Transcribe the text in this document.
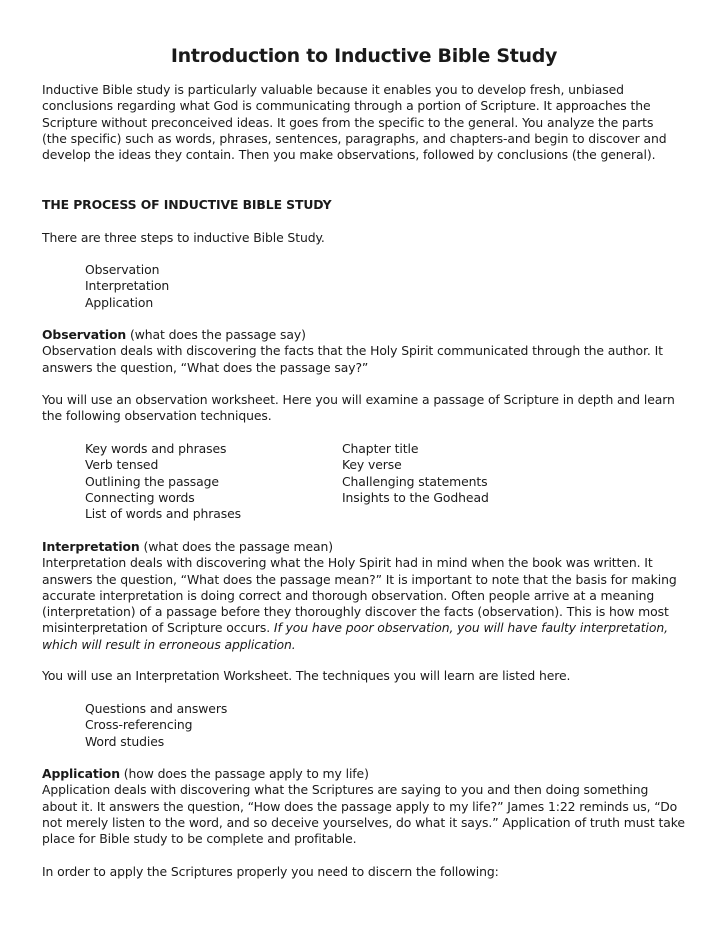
Introduction to Inductive Bible Study
Inductive Bible study is particularly valuable because it enables you to develop fresh, unbiased
conclusions regarding what God is communicating through a portion of Scripture. It approaches the
Scripture without preconceived ideas. It goes from the specific to the general. You analyze the parts
(the specific) such as words, phrases, sentences, paragraphs, and chapters-and begin to discover and
develop the ideas they contain. Then you make observations, followed by conclusions (the general).
THE PROCESS OF INDUCTIVE BIBLE STUDY
There are three steps to inductive Bible Study.
Observation
Interpretation
Application
Observation (what does the passage say)
Observation deals with discovering the facts that the Holy Spirit communicated through the author. It
answers the question, “What does the passage say?”
You will use an observation worksheet. Here you will examine a passage of Scripture in depth and learn
the following observation techniques.
Key words and phrases
Verb tensed
Outlining the passage
Connecting words
List of words and phrases
Chapter title
Key verse
Challenging statements
Insights to the Godhead
Interpretation (what does the passage mean)
Interpretation deals with discovering what the Holy Spirit had in mind when the book was written. It
answers the question, “What does the passage mean?” It is important to note that the basis for making
accurate interpretation is doing correct and thorough observation. Often people arrive at a meaning
(interpretation) of a passage before they thoroughly discover the facts (observation). This is how most
misinterpretation of Scripture occurs. If you have poor observation, you will have faulty interpretation,
which will result in erroneous application.
You will use an Interpretation Worksheet. The techniques you will learn are listed here.
Questions and answers
Cross-referencing
Word studies
Application (how does the passage apply to my life)
Application deals with discovering what the Scriptures are saying to you and then doing something
about it. It answers the question, “How does the passage apply to my life?” James 1:22 reminds us, “Do
not merely listen to the word, and so deceive yourselves, do what it says.” Application of truth must take
place for Bible study to be complete and profitable.
In order to apply the Scriptures properly you need to discern the following:
